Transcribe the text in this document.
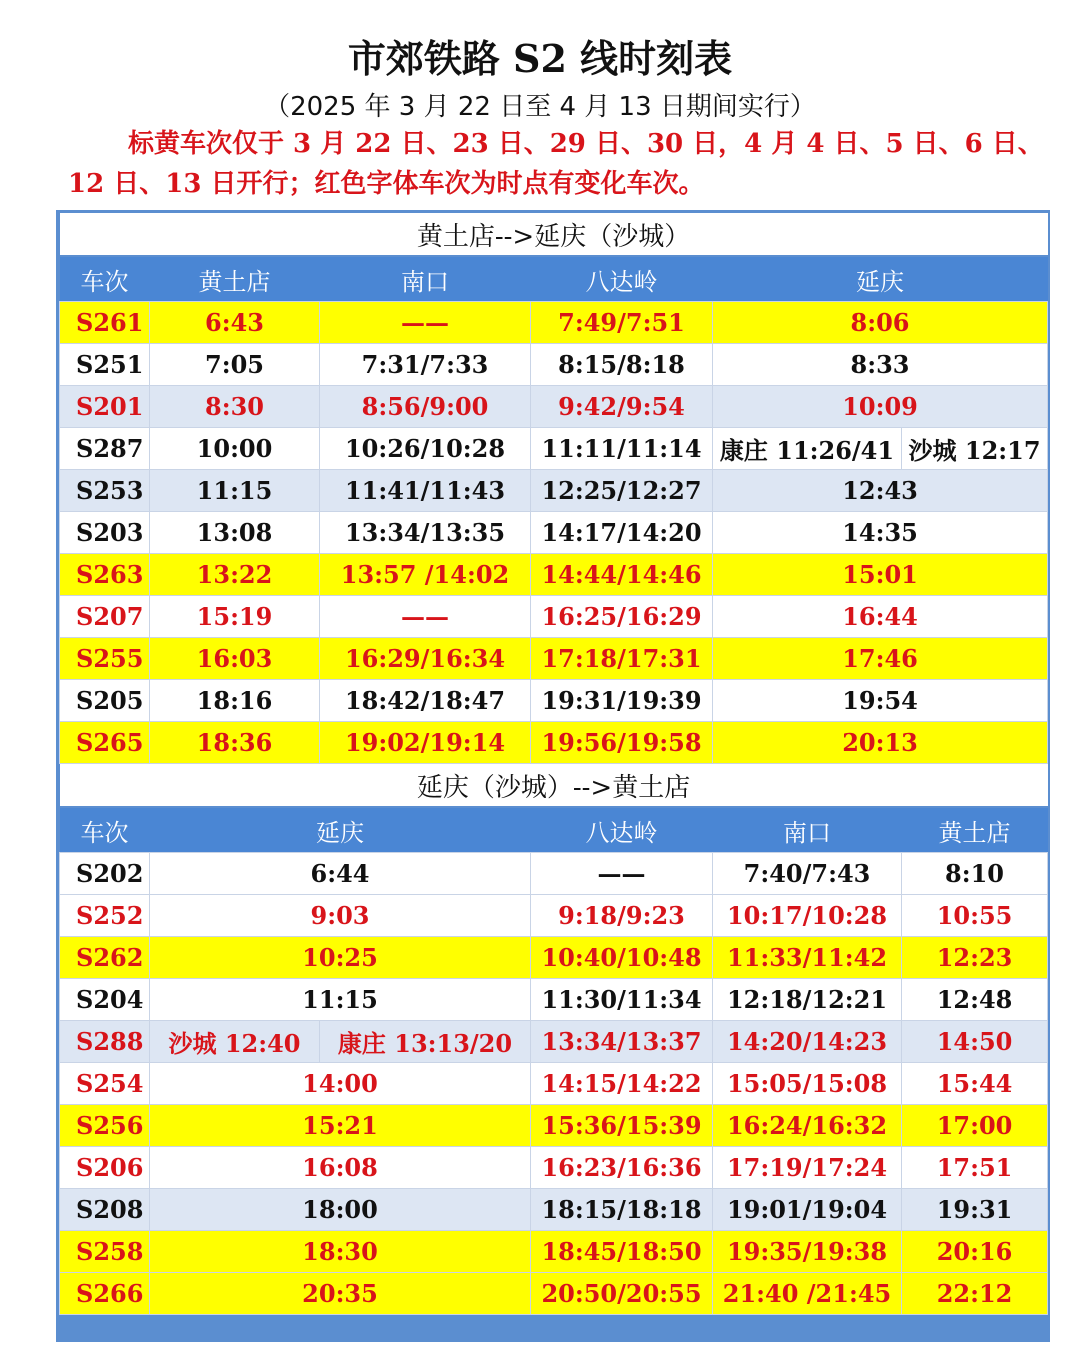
市郊铁路 S2 线时刻表
（2025 年 3 月 22 日至 4 月 13 日期间实行）
标黄车次仅于 3 月 22 日、23 日、29 日、30 日，4 月 4 日、5 日、6 日、12 日、13 日开行；红色字体车次为时点有变化车次。
黄土店-->延庆（沙城）					
车次	黄土店	南口	八达岭	延庆	
S261	6:43	——	7:49/7:51	8:06	
S251	7:05	7:31/7:33	8:15/8:18	8:33	
S201	8:30	8:56/9:00	9:42/9:54	10:09	
S287	10:00	10:26/10:28	11:11/11:14	康庄 11:26/41	沙城 12:17
S253	11:15	11:41/11:43	12:25/12:27	12:43	
S203	13:08	13:34/13:35	14:17/14:20	14:35	
S263	13:22	13:57 /14:02	14:44/14:46	15:01	
S207	15:19	——	16:25/16:29	16:44	
S255	16:03	16:29/16:34	17:18/17:31	17:46	
S205	18:16	18:42/18:47	19:31/19:39	19:54	
S265	18:36	19:02/19:14	19:56/19:58	20:13	
延庆（沙城）-->黄土店					
车次	延庆		八达岭	南口	黄土店
S202	6:44		——	7:40/7:43	8:10
S252	9:03		9:18/9:23	10:17/10:28	10:55
S262	10:25		10:40/10:48	11:33/11:42	12:23
S204	11:15		11:30/11:34	12:18/12:21	12:48
S288	沙城 12:40	康庄 13:13/20	13:34/13:37	14:20/14:23	14:50
S254	14:00		14:15/14:22	15:05/15:08	15:44
S256	15:21		15:36/15:39	16:24/16:32	17:00
S206	16:08		16:23/16:36	17:19/17:24	17:51
S208	18:00		18:15/18:18	19:01/19:04	19:31
S258	18:30		18:45/18:50	19:35/19:38	20:16
S266	20:35		20:50/20:55	21:40 /21:45	22:12
